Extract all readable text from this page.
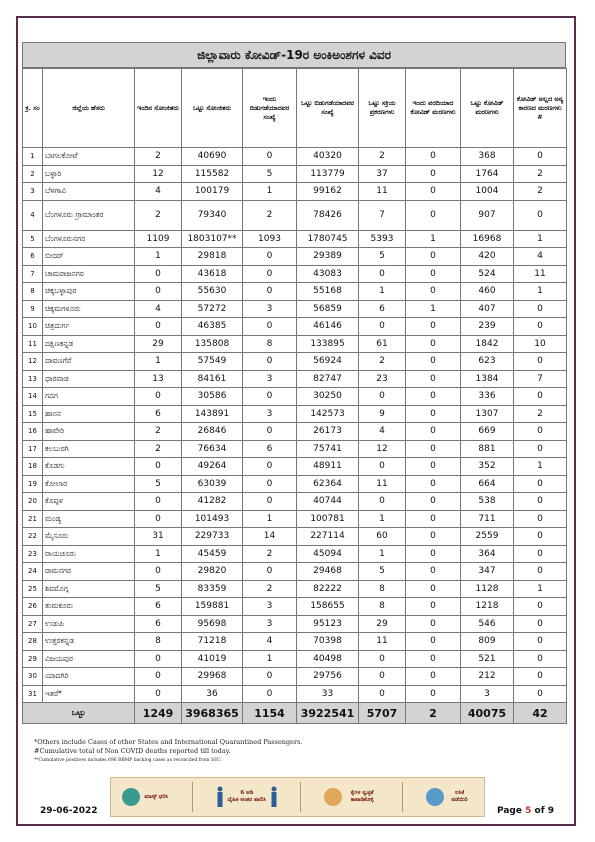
ಜಿಲ್ಲಾವಾರು ಕೋವಿಡ್-19ರ ಅಂಕಿಅಂಶಗಳ ವಿವರ
ಕ್ರ. ಸಂ	ಜಿಲ್ಲೆಯ ಹೆಸರು	ಇಂದಿನ ಸೋಂಕಿತರು	ಒಟ್ಟು ಸೋಂಕಿತರು	ಇಂದು ಬಿಡುಗಡೆಯಾದವರ ಸಂಖ್ಯೆ	ಒಟ್ಟು ಬಿಡುಗಡೆಯಾದವರ ಸಂಖ್ಯೆ	ಒಟ್ಟು ಸಕ್ರಿಯ ಪ್ರಕರಣಗಳು	ಇಂದು ವರದಿಯಾದ ಕೋವಿಡ್ ಮರಣಗಳು	ಒಟ್ಟು ಕೋವಿಡ್ ಮರಣಗಳು	ಕೋವಿಡ್ ಅಲ್ಲದ ಅನ್ಯ ಕಾರಣದ ಮರಣಗಳು #
1	ಬಾಗಲಕೋಟೆ	2	40690	0	40320	2	0	368	0
2	ಬಳ್ಳಾರಿ	12	115582	5	113779	37	0	1764	2
3	ಬೆಳಗಾವಿ	4	100179	1	99162	11	0	1004	2
4	ಬೆಂಗಳೂರು ಗ್ರಾಮಾಂತರ	2	79340	2	78426	7	0	907	0
5	ಬೆಂಗಳೂರುನಗರ	1109	1803107**	1093	1780745	5393	1	16968	1
6	ಬೀದರ್	1	29818	0	29389	5	0	420	4
7	ಚಾಮರಾಜನಗರ	0	43618	0	43083	0	0	524	11
8	ಚಿಕ್ಕಬಳ್ಳಾಪುರ	0	55630	0	55168	1	0	460	1
9	ಚಿಕ್ಕಮಗಳೂರು	4	57272	3	56859	6	1	407	0
10	ಚಿತ್ರದುರ್ಗ	0	46385	0	46146	0	0	239	0
11	ದಕ್ಷಿಣಕನ್ನಡ	29	135808	8	133895	61	0	1842	10
12	ದಾವಣಗೆರೆ	1	57549	0	56924	2	0	623	0
13	ಧಾರವಾಡ	13	84161	3	82747	23	0	1384	7
14	ಗದಗ	0	30586	0	30250	0	0	336	0
15	ಹಾಸನ	6	143891	3	142573	9	0	1307	2
16	ಹಾವೇರಿ	2	26846	0	26173	4	0	669	0
17	ಕಲಬುರಗಿ	2	76634	6	75741	12	0	881	0
18	ಕೊಡಗು	0	49264	0	48911	0	0	352	1
19	ಕೋಲಾರ	5	63039	0	62364	11	0	664	0
20	ಕೊಪ್ಪಳ	0	41282	0	40744	0	0	538	0
21	ಮಂಡ್ಯ	0	101493	1	100781	1	0	711	0
22	ಮೈಸೂರು	31	229733	14	227114	60	0	2559	0
23	ರಾಯಚೂರು	1	45459	2	45094	1	0	364	0
24	ರಾಮನಗರ	0	29820	0	29468	5	0	347	0
25	ಶಿವಮೊಗ್ಗ	5	83359	2	82222	8	0	1128	1
26	ತುಮಕೂರು	6	159881	3	158655	8	0	1218	0
27	ಉಡುಪಿ	6	95698	3	95123	29	0	546	0
28	ಉತ್ತರಕನ್ನಡ	8	71218	4	70398	11	0	809	0
29	ವಿಜಯಪುರ	0	41019	1	40498	0	0	521	0
30	ಯಾದಗಿರಿ	0	29968	0	29756	0	0	212	0
31	ಇತರೆ*	0	36	0	33	0	0	3	0
ಒಟ್ಟು		1249	3968365	1154	3922541	5707	2	40075	42
*Others include Cases of other States and International Quarantined Passengers.
#Cumulative total of Non COVID deaths reported till today.
**Cumulative positives includes 696 BBMP backlog cases as reconciled from SSU.
ಮಾಸ್ಕ್ ಧರಿಸಿ
6 ಅಡಿ
ದೈಹಿಕ ಅಂತರ ಪಾಲಿಸಿ
ಕೈಗಳ ಸ್ವಚ್ಛತೆ ಕಾಪಾಡಿಕೊಳ್ಳಿ
ಲಸಿಕೆ ಪಡೆಯಿರಿ
29-06-2022	Page 5 of 9
